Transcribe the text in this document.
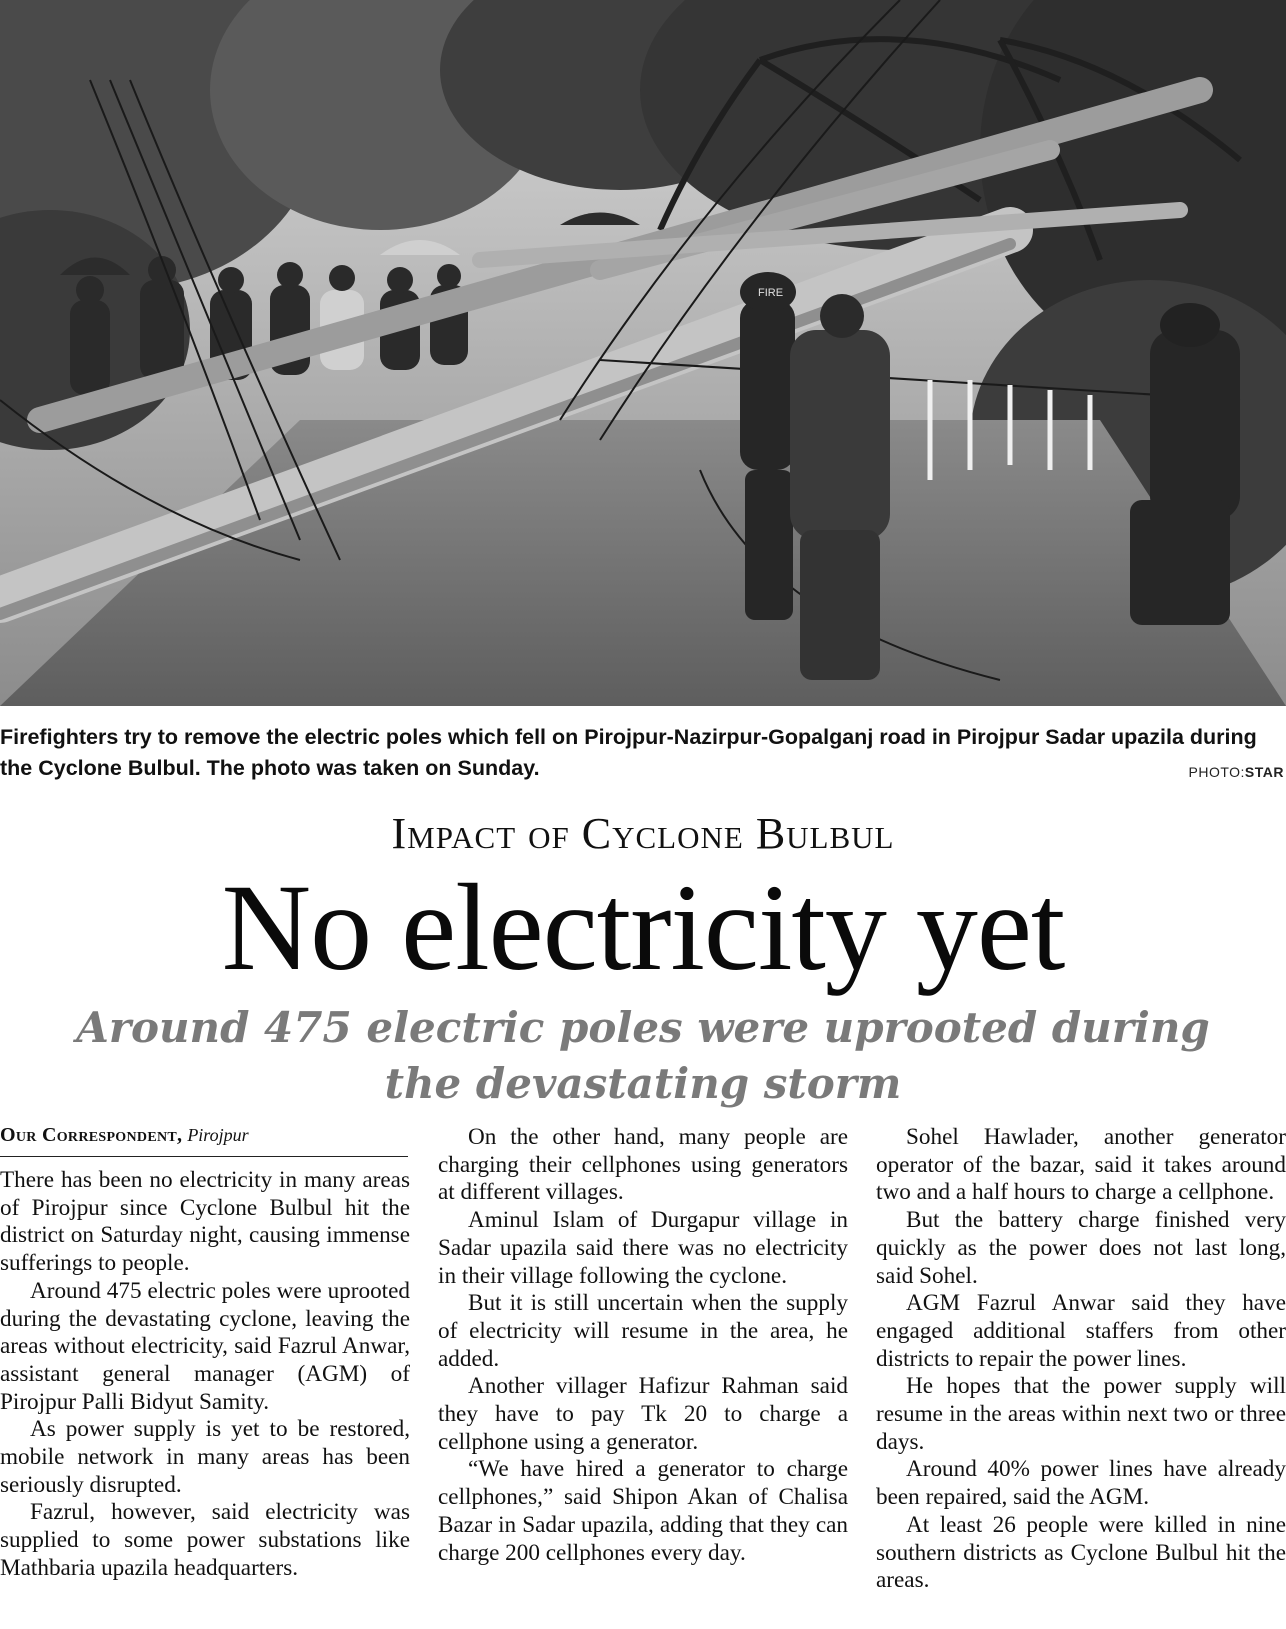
FIRE
Firefighters try to remove the electric poles which fell on Pirojpur-Nazirpur-Gopalganj road in Pirojpur Sadar upazila during the Cyclone Bulbul. The photo was taken on Sunday.	PHOTO:STAR
Impact of Cyclone Bulbul
No electricity yet
Around 475 electric poles were uprooted during the devastating storm
Our Correspondent, Pirojpur

There has been no electricity in many areas of Pirojpur since Cyclone Bulbul hit the district on Saturday night, causing immense sufferings to people.

Around 475 electric poles were uprooted during the devastating cyclone, leaving the areas without electricity, said Fazrul Anwar, assistant general manager (AGM) of Pirojpur Palli Bidyut Samity.

As power supply is yet to be restored, mobile network in many areas has been seriously disrupted.

Fazrul, however, said electricity was supplied to some power substations like Mathbaria upazila headquarters.

On the other hand, many people are charging their cellphones using generators at different villages.

Aminul Islam of Durgapur village in Sadar upazila said there was no electricity in their village following the cyclone.

But it is still uncertain when the supply of electricity will resume in the area, he added.

Another villager Hafizur Rahman said they have to pay Tk 20 to charge a cellphone using a generator.

“We have hired a generator to charge cellphones,” said Shipon Akan of Chalisa Bazar in Sadar upazila, adding that they can charge 200 cellphones every day.

Sohel Hawlader, another generator operator of the bazar, said it takes around two and a half hours to charge a cellphone.

But the battery charge finished very quickly as the power does not last long, said Sohel.

AGM Fazrul Anwar said they have engaged additional staffers from other districts to repair the power lines.

He hopes that the power supply will resume in the areas within next two or three days.

Around 40% power lines have already been repaired, said the AGM.

At least 26 people were killed in nine southern districts as Cyclone Bulbul hit the areas.
